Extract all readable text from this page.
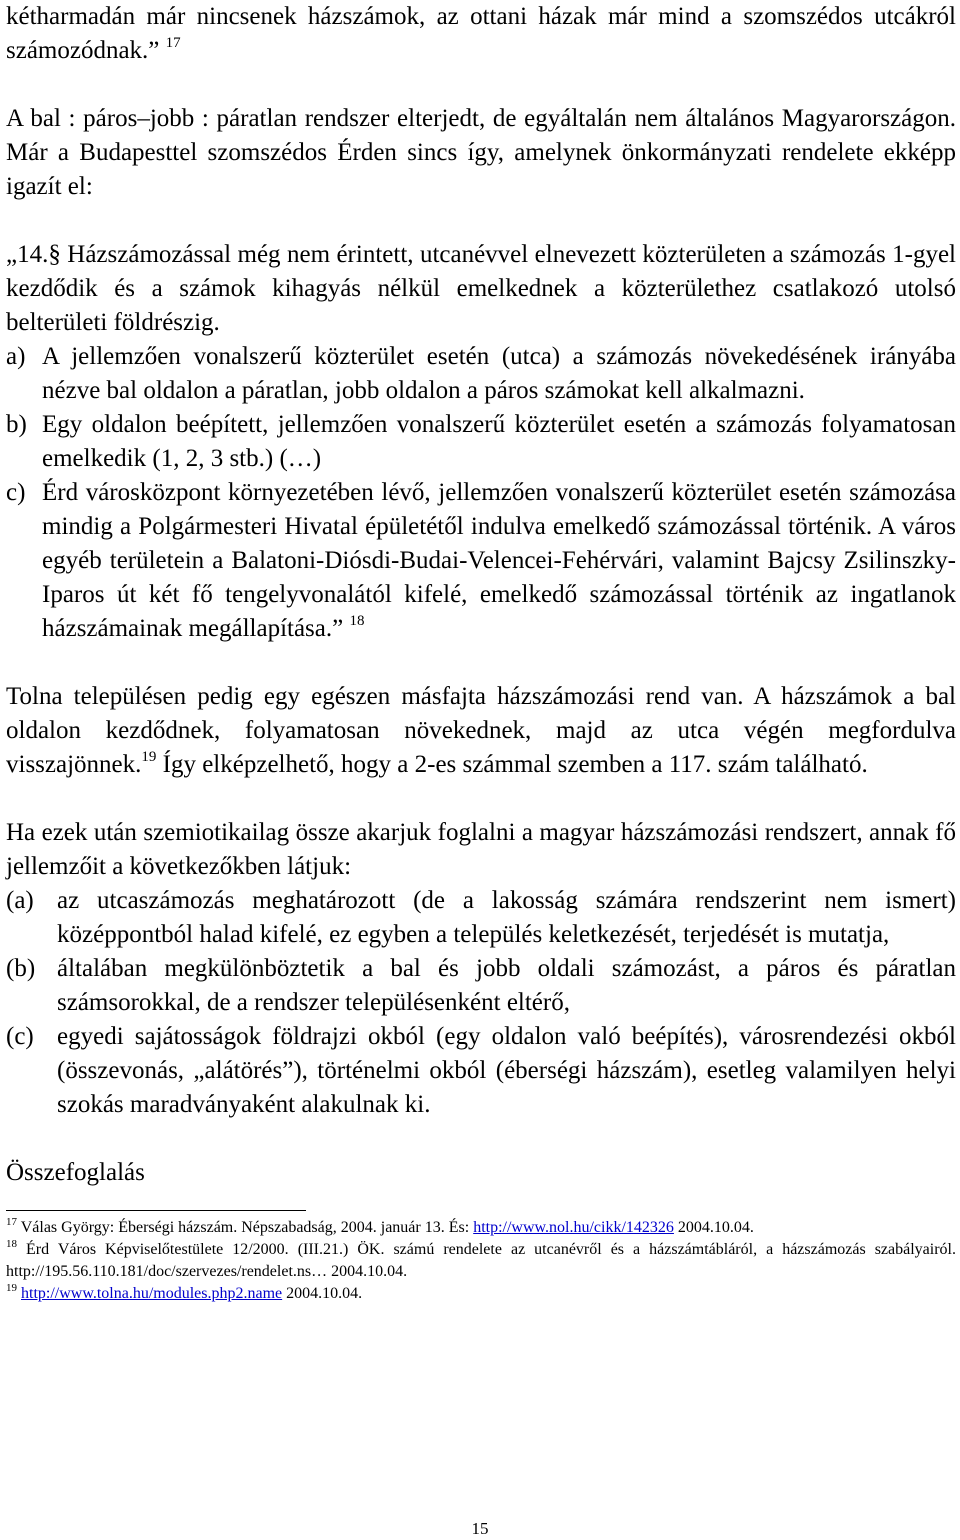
kétharmadán már nincsenek házszámok, az ottani házak már mind a szomszédos utcákról számozódnak.” $^{17}$

A bal : páros–jobb : páratlan rendszer elterjedt, de egyáltalán nem általános Magyarországon. Már a Budapesttel szomszédos Érden sincs így, amelynek önkormányzati rendelete ekképp igazít el:

„14.§ Házszámozással még nem érintett, utcanévvel elnevezett közterületen a számozás 1-gyel kezdődik és a számok kihagyás nélkül emelkednek a közterülethez csatlakozó utolsó belterületi földrészig.

a) A jellemzően vonalszerű közterület esetén (utca) a számozás növekedésének irányába nézve bal oldalon a páratlan, jobb oldalon a páros számokat kell alkalmazni.
b) Egy oldalon beépített, jellemzően vonalszerű közterület esetén a számozás folyamatosan emelkedik (1, 2, 3 stb.) (…)
c) Érd városközpont környezetében lévő, jellemzően vonalszerű közterület esetén számozása mindig a Polgármesteri Hivatal épületétől indulva emelkedő számozással történik. A város egyéb területein a Balatoni-Diósdi-Budai-Velencei-Fehérvári, valamint Bajcsy Zsilinszky-Iparos út két fő tengelyvonalától kifelé, emelkedő számozással történik az ingatlanok házszámainak megállapítása.” $^{18}$

Tolna településen pedig egy egészen másfajta házszámozási rend van. A házszámok a bal oldalon kezdődnek, folyamatosan növekednek, majd az utca végén megfordulva visszajönnek.$^{19}$ Így elképzelhető, hogy a 2-es számmal szemben a 117. szám található.

Ha ezek után szemiotikailag össze akarjuk foglalni a magyar házszámozási rendszert, annak fő jellemzőit a következőkben látjuk:

(a) az utcaszámozás meghatározott (de a lakosság számára rendszerint nem ismert) középpontból halad kifelé, ez egyben a település keletkezését, terjedését is mutatja,
(b) általában megkülönböztetik a bal és jobb oldali számozást, a páros és páratlan számsorokkal, de a rendszer településenként eltérő,
(c) egyedi sajátosságok földrajzi okból (egy oldalon való beépítés), városrendezési okból (összevonás, „alátörés”), történelmi okból (éberségi házszám), esetleg valamilyen helyi szokás maradványaként alakulnak ki.

Összefoglalás

$^{17}$ Válas György: Éberségi házszám. Népszabadság, 2004. január 13. És: http://www.nol.hu/cikk/142326 2004.10.04.

$^{18}$ Érd Város Képviselőtestülete 12/2000. (III.21.) ÖK. számú rendelete az utcanévről és a házszámtábláról, a házszámozás szabályairól. http://195.56.110.181/doc/szervezes/rendelet.ns… 2004.10.04.

$^{19}$ http://www.tolna.hu/modules.php2.name 2004.10.04.

15
